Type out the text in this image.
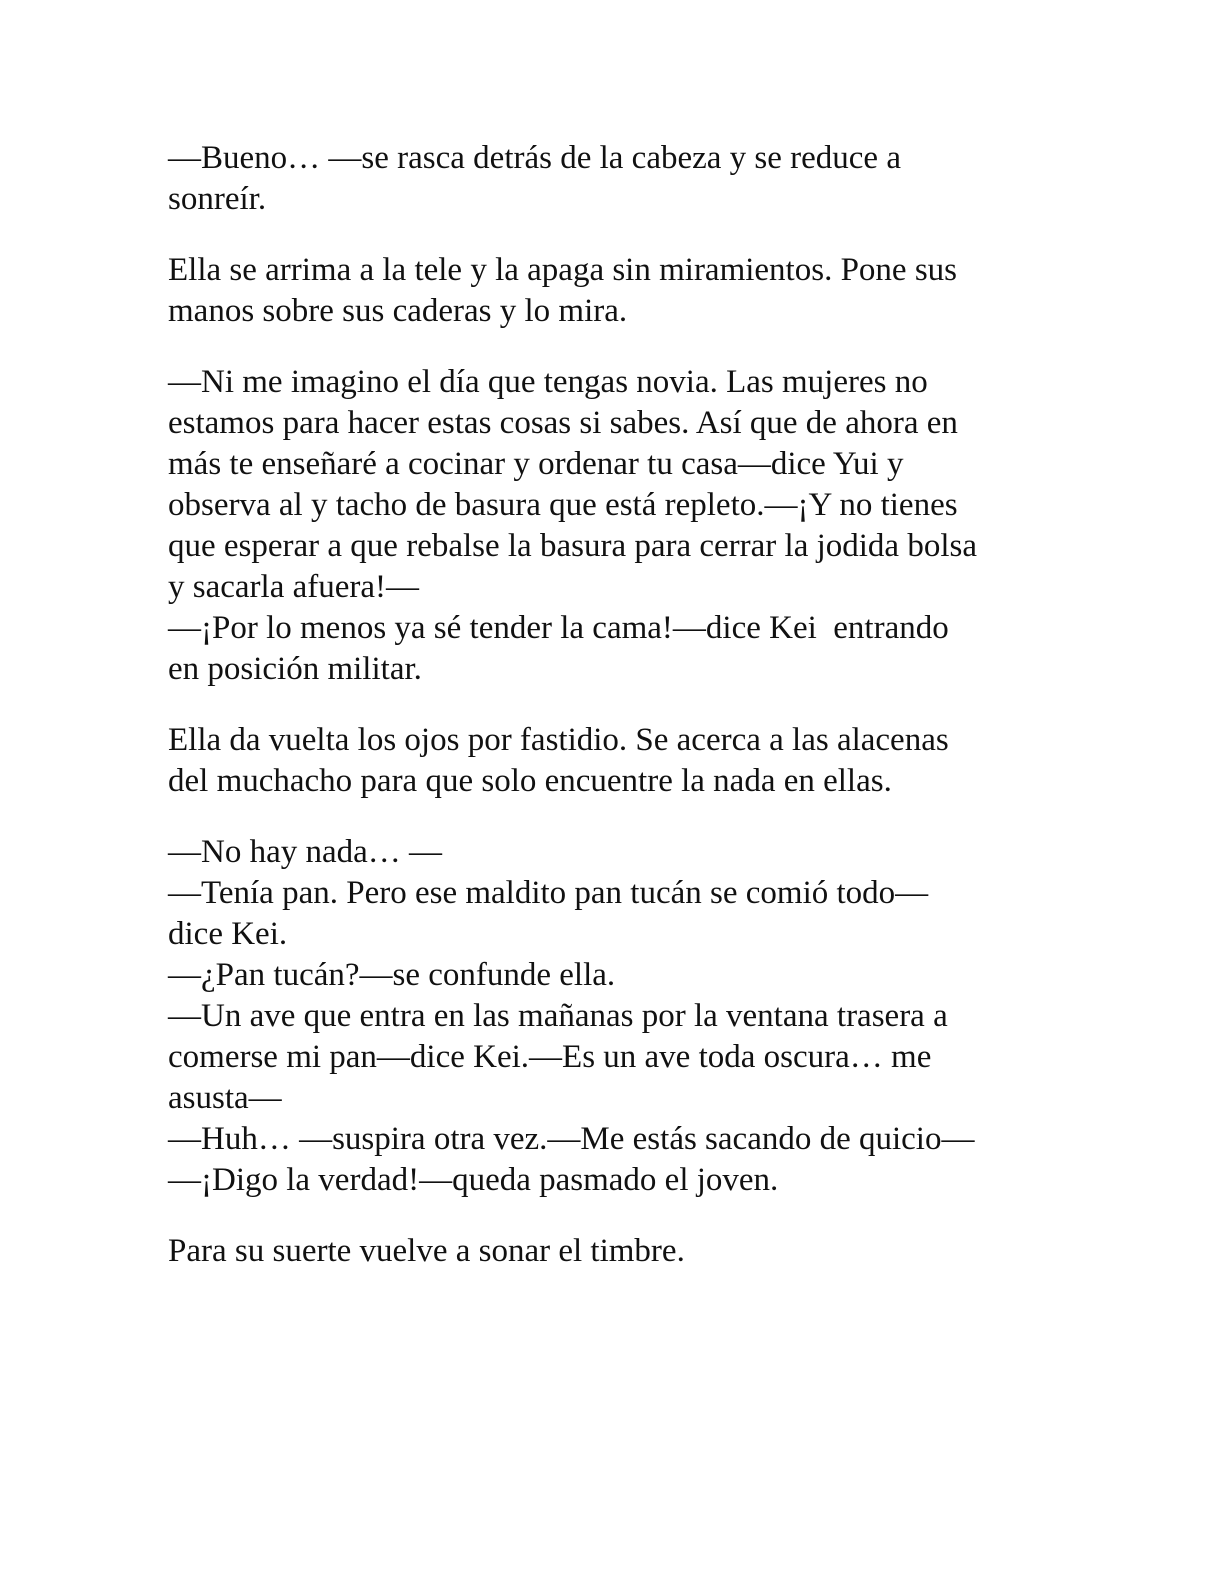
—Bueno… —se rasca detrás de la cabeza y se reduce a
sonreír.

Ella se arrima a la tele y la apaga sin miramientos. Pone sus
manos sobre sus caderas y lo mira.

—Ni me imagino el día que tengas novia. Las mujeres no
estamos para hacer estas cosas si sabes. Así que de ahora en
más te enseñaré a cocinar y ordenar tu casa—dice Yui y
observa al y tacho de basura que está repleto.—¡Y no tienes
que esperar a que rebalse la basura para cerrar la jodida bolsa
y sacarla afuera!—
—¡Por lo menos ya sé tender la cama!—dice Kei  entrando
en posición militar.

Ella da vuelta los ojos por fastidio. Se acerca a las alacenas
del muchacho para que solo encuentre la nada en ellas.

—No hay nada… —
—Tenía pan. Pero ese maldito pan tucán se comió todo—
dice Kei.
—¿Pan tucán?—se confunde ella.
—Un ave que entra en las mañanas por la ventana trasera a
comerse mi pan—dice Kei.—Es un ave toda oscura… me
asusta—
—Huh… —suspira otra vez.—Me estás sacando de quicio—
—¡Digo la verdad!—queda pasmado el joven.

Para su suerte vuelve a sonar el timbre.
